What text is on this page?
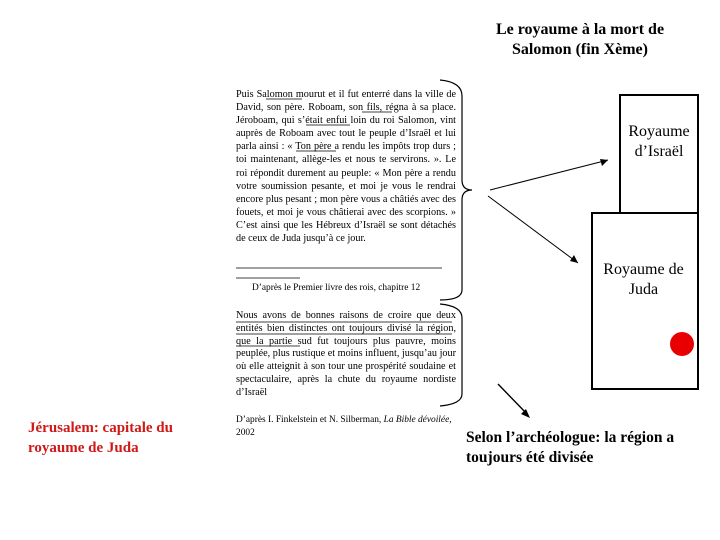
Le royaume à la mort de Salomon (fin Xème)
Puis Salomon mourut et il fut enterré dans la ville de David, son père. Roboam, son fils, régna à sa place. Jéroboam, qui s’était enfui loin du roi Salomon, vint auprès de Roboam avec tout le peuple d’Israël et lui parla ainsi : « Ton père a rendu les impôts trop durs ; toi maintenant, allège-les et nous te servirons. ». Le roi répondit durement au peuple: « Mon père a rendu votre soumission pesante, et moi je vous le rendrai encore plus pesant ; mon père vous a châtiés avec des fouets, et moi je vous châtierai avec des scorpions. » C’est ainsi que les Hébreux d’Israël se sont détachés de ceux de Juda jusqu’à ce jour.
D’après le Premier livre des rois, chapitre 12
Nous avons de bonnes raisons de croire que deux entités bien distinctes ont toujours divisé la région, que la partie sud fut toujours plus pauvre, moins peuplée, plus rustique et moins influent, jusqu’au jour où elle atteignit à son tour une prospérité soudaine et spectaculaire, après la chute du royaume nordiste d’Israël
D’après I. Finkelstein et N. Silberman, La Bible dévoilée, 2002
Jérusalem: capitale du royaume de Juda
Selon l’archéologue: la région a toujours été divisée
Royaume d’Israël
Royaume de Juda
